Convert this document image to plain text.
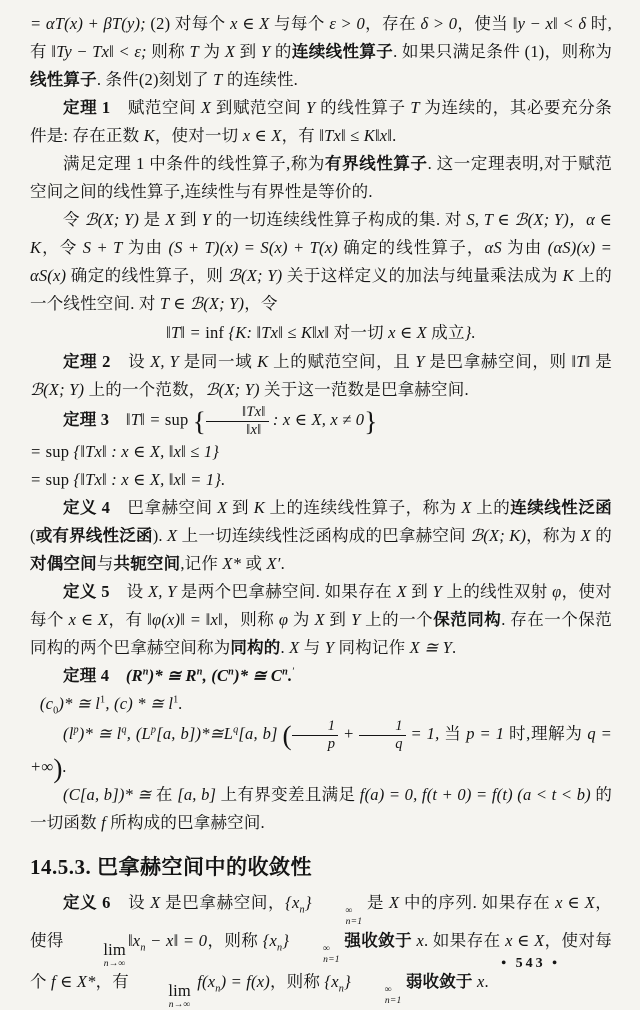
= αT(x) + βT(y); (2) 对每个 x ∈ X 与每个 ε > 0，存在 δ > 0，使当 ‖y − x‖ < δ 时,有 ‖Ty − Tx‖ < ε; 则称 T 为 X 到 Y 的连续线性算子. 如果只满足条件 (1)，则称为线性算子. 条件(2)刻划了 T 的连续性.

定理 1　赋范空间 X 到赋范空间 Y 的线性算子 T 为连续的，其必要充分条件是: 存在正数 K，使对一切 x ∈ X，有 ‖Tx‖ ≤ K‖x‖.

满足定理 1 中条件的线性算子,称为有界线性算子. 这一定理表明,对于赋范空间之间的线性算子,连续性与有界性是等价的.

令 ℬ(X; Y) 是 X 到 Y 的一切连续线性算子构成的集. 对 S, T ∈ ℬ(X; Y)，α ∈ K，令 S + T 为由 (S + T)(x) = S(x) + T(x) 确定的线性算子，αS 为由 (αS)(x) = αS(x) 确定的线性算子，则 ℬ(X; Y) 关于这样定义的加法与纯量乘法成为 K 上的一个线性空间. 对 T ∈ ℬ(X; Y)，令

‖T‖ = inf {K: ‖Tx‖ ≤ K‖x‖ 对一切 x ∈ X 成立}.

定理 2　设 X, Y 是同一域 K 上的赋范空间，且 Y 是巴拿赫空间，则 ‖T‖ 是 ℬ(X; Y) 上的一个范数，ℬ(X; Y) 关于这一范数是巴拿赫空间.

定理 3　 ‖T‖ = sup { $\frac{‖Tx‖}{‖x‖}$ : x ∈ X, x ≠ 0}

= sup {‖Tx‖ : x ∈ X, ‖x‖ ≤ 1}

= sup {‖Tx‖ : x ∈ X, ‖x‖ = 1}.

定义 4　巴拿赫空间 X 到 K 上的连续线性算子，称为 X 上的连续线性泛函(或有界线性泛函). X 上一切连续线性泛函构成的巴拿赫空间 ℬ(X; K)，称为 X 的对偶空间与共轭空间,记作 X* 或 X′.

定义 5　设 X, Y 是两个巴拿赫空间. 如果存在 X 到 Y 上的线性双射 φ，使对每个 x ∈ X，有 ‖φ(x)‖ = ‖x‖，则称 φ 为 X 到 Y 上的一个保范同构. 存在一个保范同构的两个巴拿赫空间称为同构的. X 与 Y 同构记作 X ≅ Y.

定理 4　 $(R^n)*$ ≅ $R^n$, $(C^n)*$ ≅ $C^n.^ʹ$

$(c_0)*$ ≅ $l^1$, (c) * ≅ $l^1$.

$(l^p)*$ ≅ $l^q$, ($L^p[a$, $b])*≅L^q[a$, b] ( $\frac{1}{p} + \frac{1}{q} = 1$, 当 p = 1 时,理解为 q = +∞).

(C[a, b])* ≅ 在 [a, b] 上有界变差且满足 f(a) = 0, f(t + 0) = f(t) (a < t < b) 的一切函数 f 所构成的巴拿赫空间.

14.5.3. 巴拿赫空间中的收敛性

定义 6　设 X 是巴拿赫空间，$\{x_n\}$	∞
n=1
是 X 中的序列. 如果存在 x ∈ X，使得	lim
n→∞
$‖x_n$ − x‖ = 0，则称 $\{x_n\}$	∞
n=1
强收敛于 x. 如果存在 x ∈ X，使对每个 f ∈ X*，有	lim
n→∞
$f(x_n) = f(x)$，则称 $\{x_n\}$	∞
n=1
弱收敛于 x.

• 543 •
